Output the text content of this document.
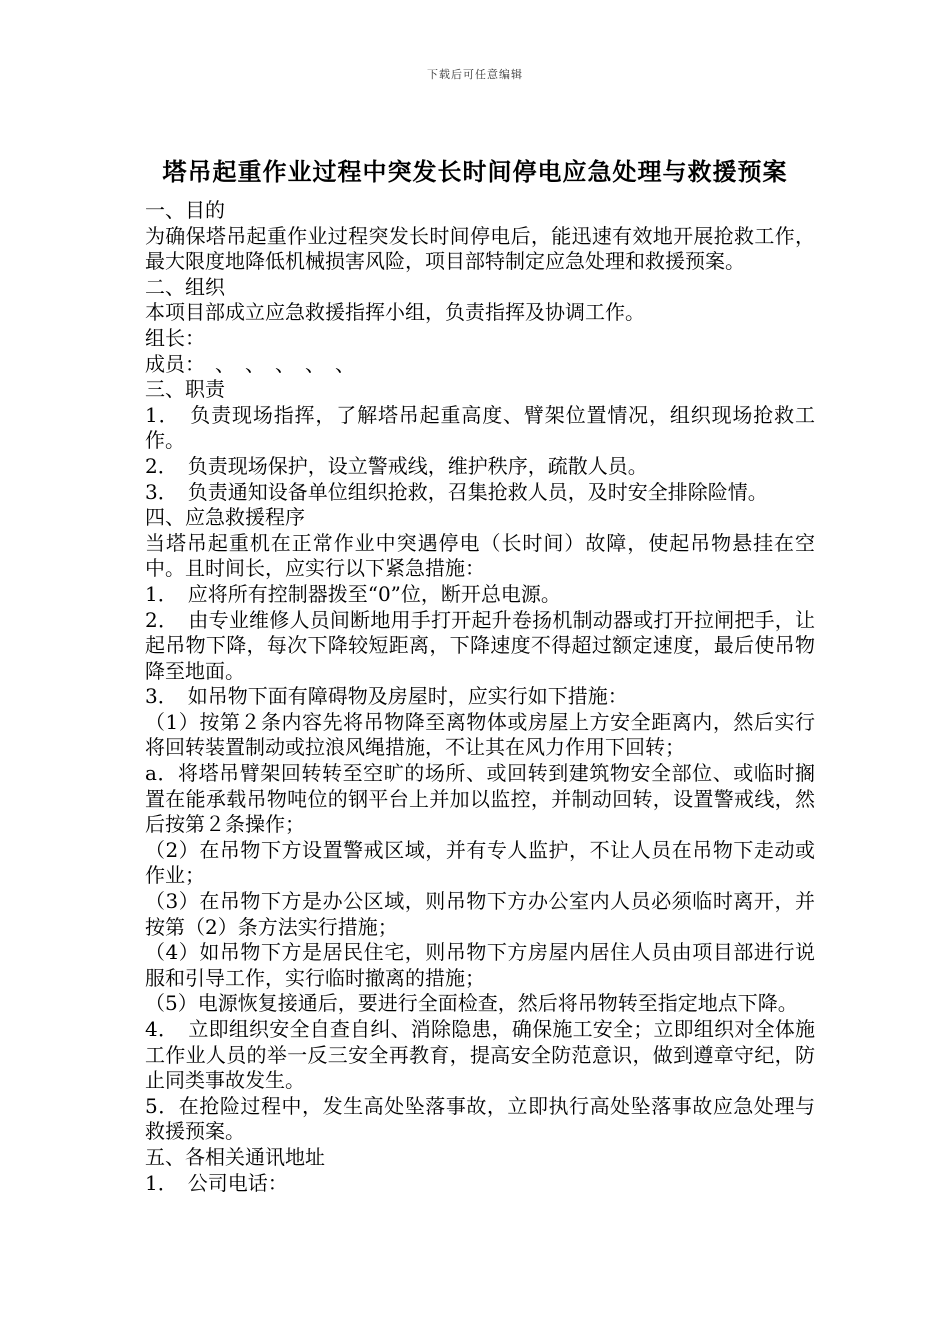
下载后可任意编辑
塔吊起重作业过程中突发长时间停电应急处理与救援预案

一、目的

为确保塔吊起重作业过程突发长时间停电后，能迅速有效地开展抢救工作，最大限度地降低机械损害风险，项目部特制定应急处理和救援预案。

二、组织

本项目部成立应急救援指挥小组，负责指挥及协调工作。

组长：

成员：　、　、　、　、　、

三、职责

1．　负责现场指挥，了解塔吊起重高度、臂架位置情况，组织现场抢救工作。

2．　负责现场保护，设立警戒线，维护秩序，疏散人员。

3．　负责通知设备单位组织抢救，召集抢救人员，及时安全排除险情。

四、应急救援程序

当塔吊起重机在正常作业中突遇停电（长时间）故障，使起吊物悬挂在空中。且时间长，应实行以下紧急措施：

1．　应将所有控制器拨至“0”位，断开总电源。

2．　由专业维修人员间断地用手打开起升卷扬机制动器或打开拉闸把手，让起吊物下降，每次下降较短距离，下降速度不得超过额定速度，最后使吊物降至地面。

3．　如吊物下面有障碍物及房屋时，应实行如下措施：

（1）按第２条内容先将吊物降至离物体或房屋上方安全距离内，然后实行将回转装置制动或拉浪风绳措施，不让其在风力作用下回转；

a．将塔吊臂架回转转至空旷的场所、或回转到建筑物安全部位、或临时搁置在能承载吊物吨位的钢平台上并加以监控，并制动回转，设置警戒线，然后按第２条操作；

（2）在吊物下方设置警戒区域，并有专人监护，不让人员在吊物下走动或作业；

（3）在吊物下方是办公区域，则吊物下方办公室内人员必须临时离开，并按第（2）条方法实行措施；

（4）如吊物下方是居民住宅，则吊物下方房屋内居住人员由项目部进行说服和引导工作，实行临时撤离的措施；

（5）电源恢复接通后，要进行全面检查，然后将吊物转至指定地点下降。

4．　立即组织安全自查自纠、消除隐患，确保施工安全；立即组织对全体施工作业人员的举一反三安全再教育，提高安全防范意识，做到遵章守纪，防止同类事故发生。

5．在抢险过程中，发生高处坠落事故，立即执行高处坠落事故应急处理与救援预案。

五、各相关通讯地址

1．　公司电话：
